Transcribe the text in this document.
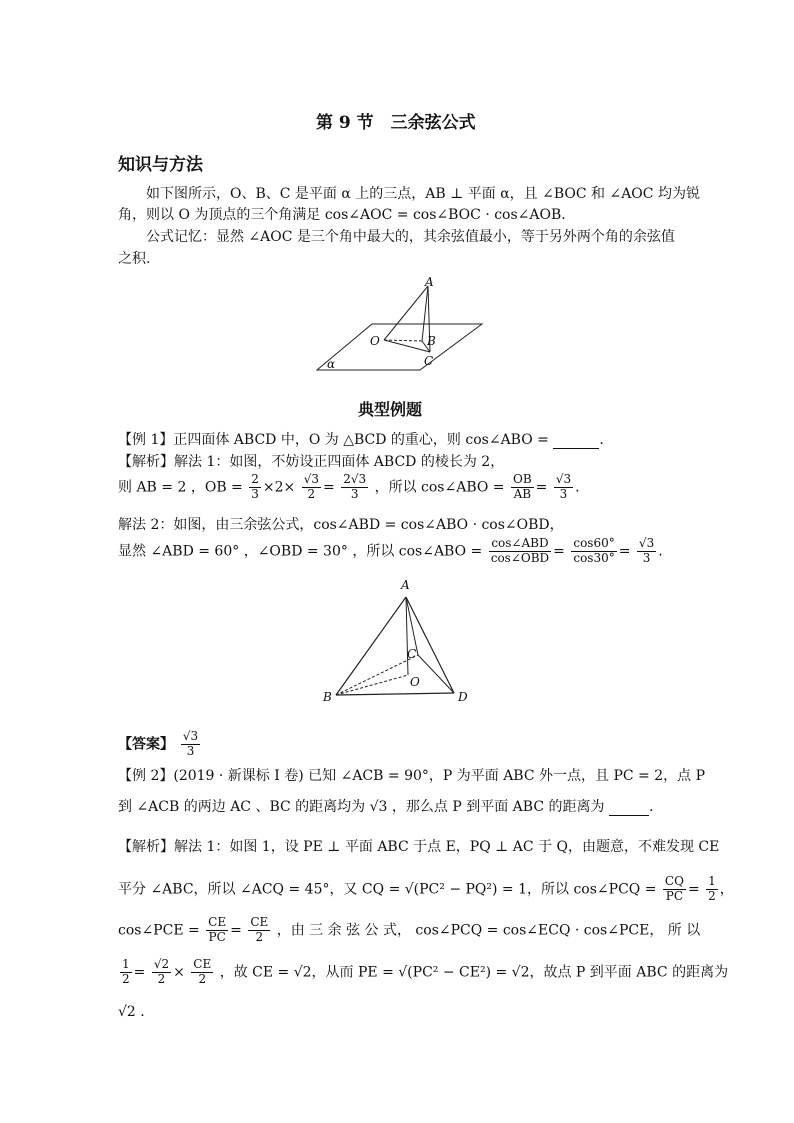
第 9 节　三余弦公式
知识与方法
如下图所示，O、B、C 是平面 α 上的三点，AB ⊥ 平面 α，且 ∠BOC 和 ∠AOC 均为锐
角，则以 O 为顶点的三个角满足 cos∠AOC = cos∠BOC · cos∠AOB.
公式记忆：显然 ∠AOC 是三个角中最大的，其余弦值最小，等于另外两个角的余弦值
之积.
A
O	B
C
α
典型例题
【例 1】正四面体 ABCD 中，O 为 △BCD 的重心，则 cos∠ABO =	.
【解析】解法 1：如图，不妨设正四面体 ABCD 的棱长为 2，
则 AB = 2 ，OB = $\frac{2}{3} \times 2\times \frac{√3}{2} = \frac{2√3}{3}$ ，所以 cos∠ABO = $\frac{OB}{AB} = \frac{√3}{3}$ .
解法 2：如图，由三余弦公式，cos∠ABD = cos∠ABO · cos∠OBD，
显然 ∠ABD = 60° ，∠OBD = 30° ，所以 cos∠ABO = $\frac{\text{cos∠ABD}}{\text{cos∠OBD}} = \frac{\cos 60^\circ}{\cos 30^\circ} = \frac{√3}{3}$ .
A
B
C
D
O
【答案】 $\frac{√3}{3}$
【例 2】(2019 · 新课标 Ⅰ 卷) 已知 ∠ACB = 90°，P 为平面 ABC 外一点，且 PC = 2，点 P
到 ∠ACB 的两边 AC 、BC 的距离均为 √3 ，那么点 P 到平面 ABC 的距离为	.
【解析】解法 1：如图 1，设 PE ⊥ 平面 ABC 于点 E，PQ ⊥ AC 于 Q，由题意，不难发现 CE
平分 ∠ABC，所以 ∠ACQ = 45°，又 CQ = √(PC² − PQ²) = 1，所以 cos∠PCQ = $\frac{CQ}{PC} = \frac{1}{2}$ ，
cos∠PCE = $\frac{CE}{PC} = \frac{CE}{2}$ ，由 三 余 弦 公 式， cos∠PCQ = cos∠ECQ · cos∠PCE， 所 以
$\frac{1}{2} = \frac{√2}{2} \times \frac{CE}{2}$ ，故 CE = √2，从而 PE = √(PC² − CE²) = √2，故点 P 到平面 ABC 的距离为
√2 .
